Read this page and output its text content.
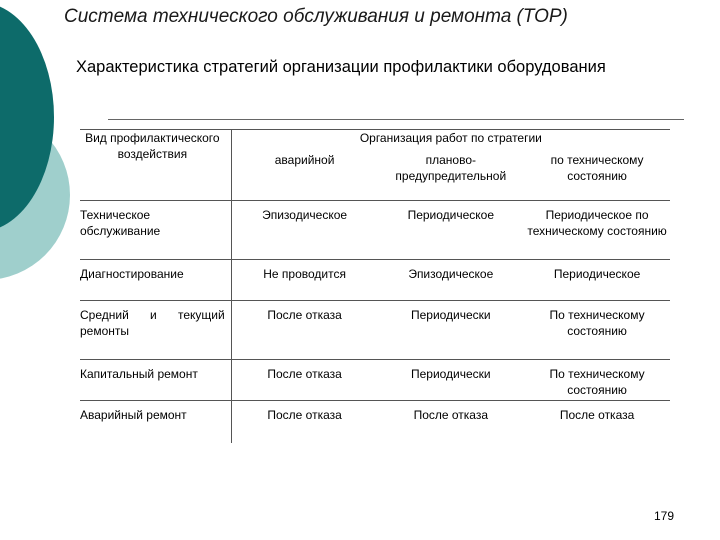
Система технического обслуживания и ремонта (ТОР)
Характеристика стратегий организации профилактики оборудования
Вид профилактического воздействия	Организация работ по стратегии		
	аварийной	планово-предупредительной	по техническому состоянию
Техническое обслуживание	Эпизодическое	Периодическое	Периодическое по техническому состоянию
Диагностирование	Не проводится	Эпизодическое	Периодическое
Средний и текущий ремонты	После отказа	Периодически	По техническому состоянию
Капитальный ремонт	После отказа	Периодически	По техническому состоянию
Аварийный ремонт	После отказа	После отказа	После отказа
179
